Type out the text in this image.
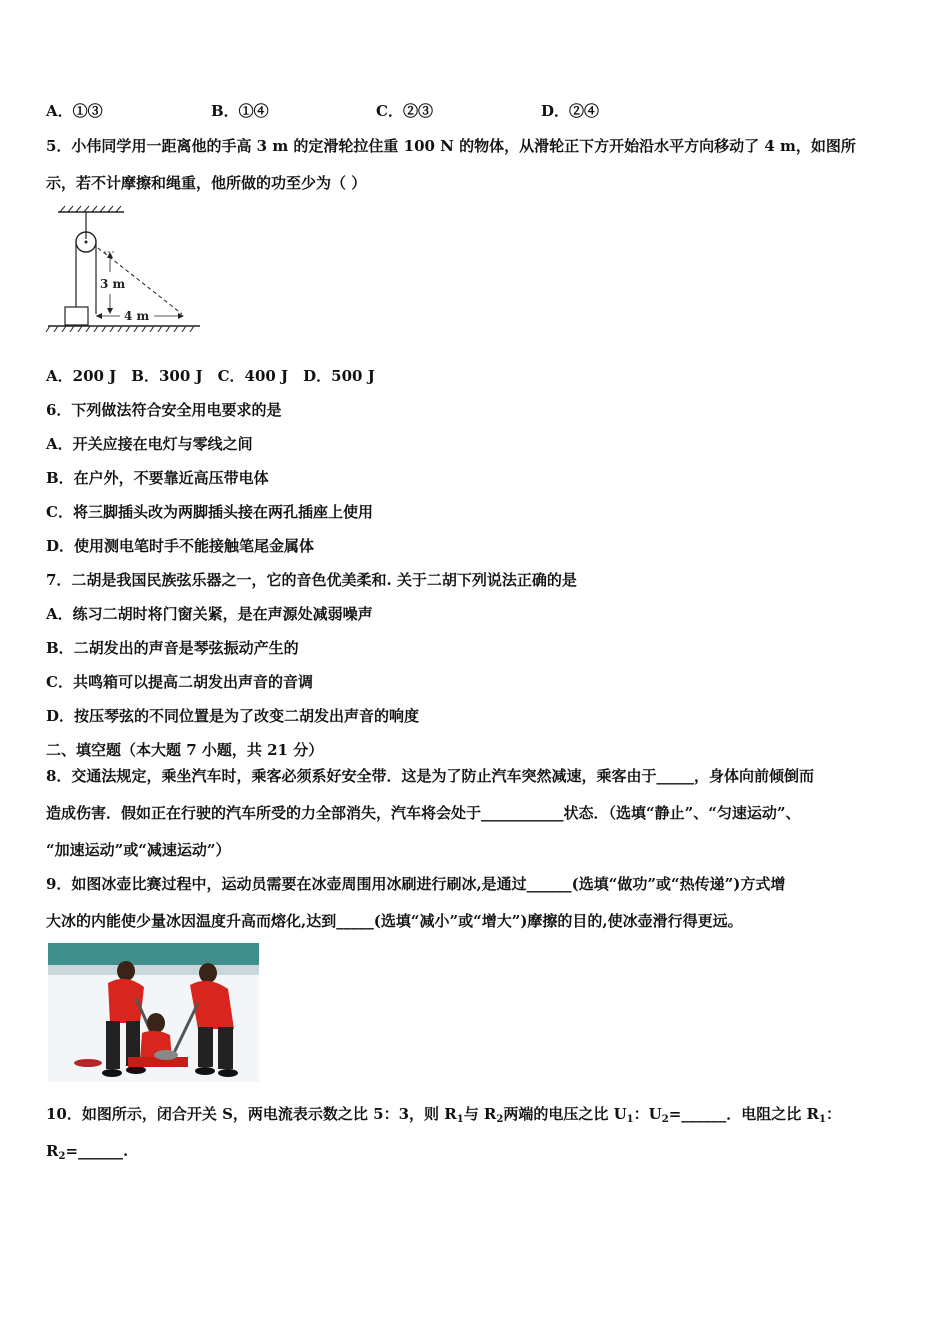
A．①③	B．①④	C．②③	D．②④
5．小伟同学用一距离他的手高 3 m 的定滑轮拉住重 100 N 的物体，从滑轮正下方开始沿水平方向移动了 4 m，如图所
示，若不计摩擦和绳重，他所做的功至少为（ ）
3 m
4 m
A．200 J　B．300 J　C．400 J　D．500 J
6．下列做法符合安全用电要求的是
A．开关应接在电灯与零线之间
B．在户外，不要靠近高压带电体
C．将三脚插头改为两脚插头接在两孔插座上使用
D．使用测电笔时手不能接触笔尾金属体
7．二胡是我国民族弦乐器之一，它的音色优美柔和. 关于二胡下列说法正确的是
A．练习二胡时将门窗关紧，是在声源处减弱噪声
B．二胡发出的声音是琴弦振动产生的
C．共鸣箱可以提高二胡发出声音的音调
D．按压琴弦的不同位置是为了改变二胡发出声音的响度
二、填空题（本大题 7 小题，共 21 分）
8．交通法规定，乘坐汽车时，乘客必须系好安全带．这是为了防止汽车突然减速，乘客由于_____，身体向前倾倒而
造成伤害．假如正在行驶的汽车所受的力全部消失，汽车将会处于___________状态．（选填“静止”、“匀速运动”、
“加速运动”或“减速运动”）
9．如图冰壶比赛过程中，运动员需要在冰壶周围用冰刷进行刷冰,是通过______(选填“做功”或“热传递”)方式增
大冰的内能使少量冰因温度升高而熔化,达到_____(选填“减小”或“增大”)摩擦的目的,使冰壶滑行得更远。
10．如图所示，闭合开关 S，两电流表示数之比 5：3，则 $R_1$与 $R_2$两端的电压之比 $U_1$：$U_2=\_\_\_\_\_\_$．电阻之比 $R_1$：
$R_2=\_\_\_\_\_\_$.
